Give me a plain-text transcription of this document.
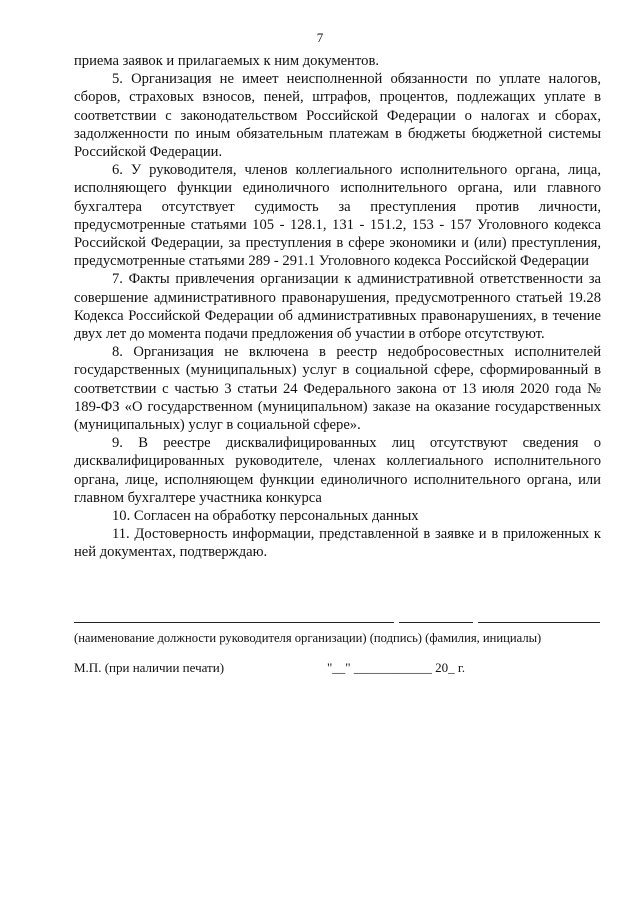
7

приема заявок и прилагаемых к ним документов.

5. Организация не имеет неисполненной обязанности по уплате налогов, сборов, страховых взносов, пеней, штрафов, процентов, подлежащих уплате в соответствии с законодательством Российской Федерации о налогах и сборах, задолженности по иным обязательным платежам в бюджеты бюджетной системы Российской Федерации.

6. У руководителя, членов коллегиального исполнительного органа, лица, исполняющего функции единоличного исполнительного органа, или главного бухгалтера отсутствует судимость за преступления против личности, предусмотренные статьями 105 - 128.1, 131 - 151.2, 153 - 157 Уголовного кодекса Российской Федерации, за преступления в сфере экономики и (или) преступления, предусмотренные статьями 289 - 291.1 Уголовного кодекса Российской Федерации

7. Факты привлечения организации к административной ответственности за совершение административного правонарушения, предусмотренного статьей 19.28 Кодекса Российской Федерации об административных правонарушениях, в течение двух лет до момента подачи предложения об участии в отборе отсутствуют.

8. Организация не включена в реестр недобросовестных исполнителей государственных (муниципальных) услуг в социальной сфере, сформированный в соответствии с частью 3 статьи 24 Федерального закона от 13 июля 2020 года № 189-ФЗ «О государственном (муниципальном) заказе на оказание государственных (муниципальных) услуг в социальной сфере».

9. В реестре дисквалифицированных лиц отсутствуют сведения о дисквалифицированных руководителе, членах коллегиального исполнительного органа, лице, исполняющем функции единоличного исполнительного органа, или главном бухгалтере участника конкурса

10. Согласен на обработку персональных данных

11. Достоверность информации, представленной в заявке и в приложенных к ней документах, подтверждаю.

(наименование должности руководителя организации) (подпись) (фамилия, инициалы)

М.П. (при наличии печати)	"__" ____________ 20_ г.
